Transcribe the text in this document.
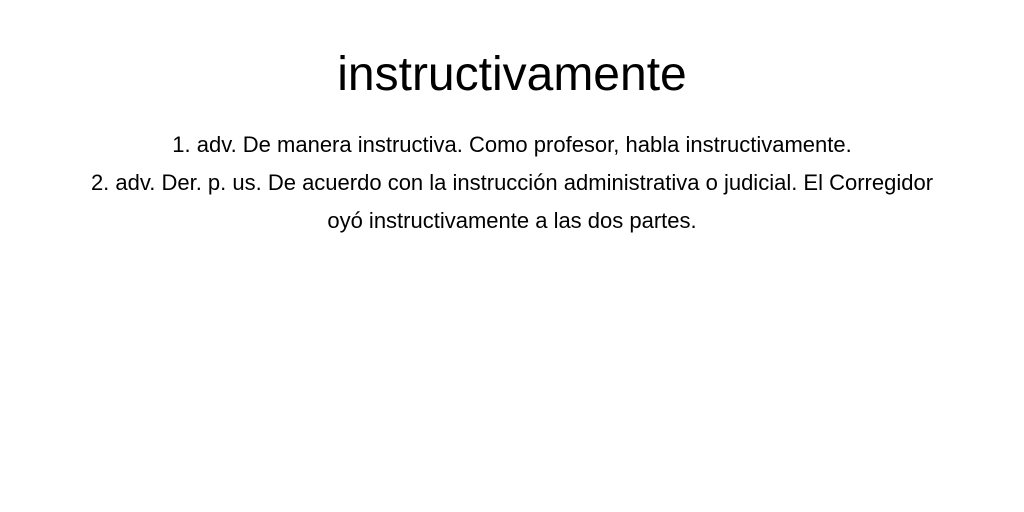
instructivamente
1. adv. De manera instructiva. Como profesor, habla instructivamente.
2. adv. Der. p. us. De acuerdo con la instrucción administrativa o judicial. El Corregidor oyó instructivamente a las dos partes.
